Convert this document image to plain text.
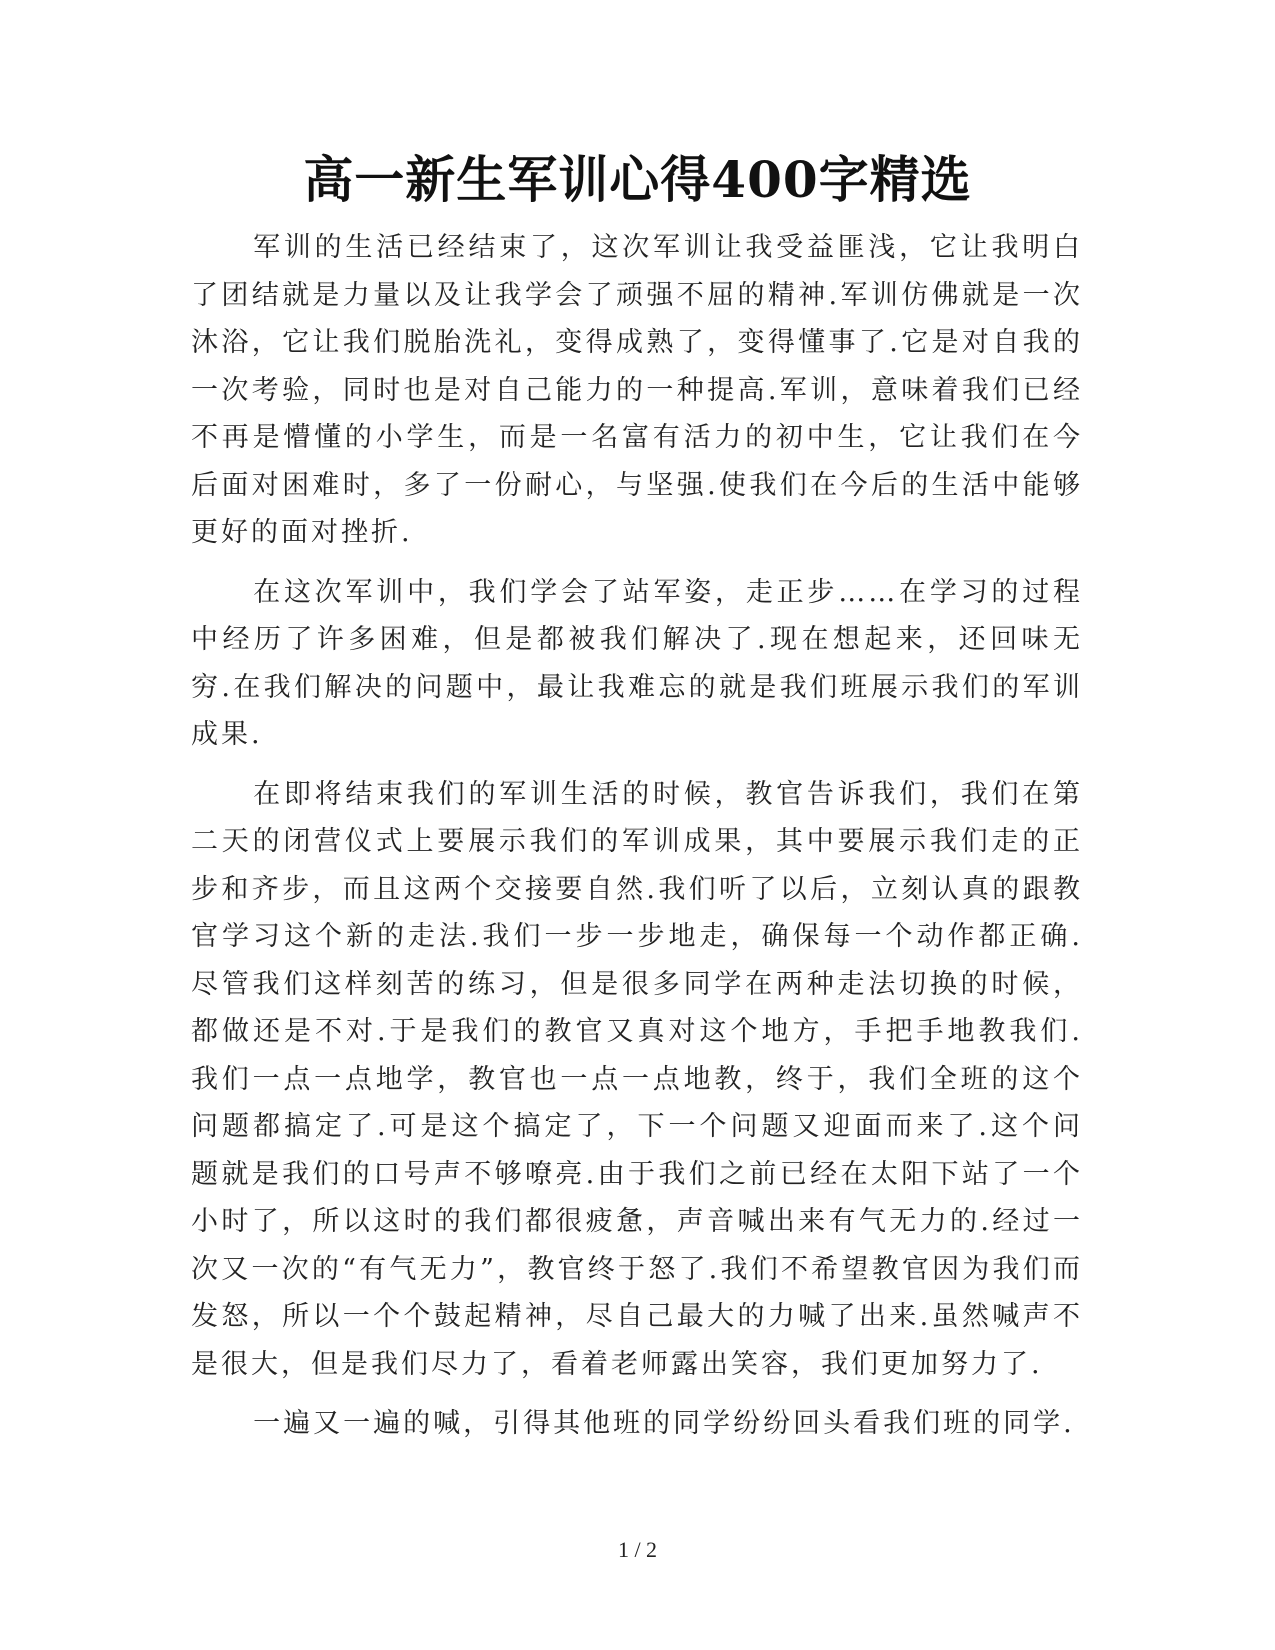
高一新生军训心得400字精选

军训的生活已经结束了，这次军训让我受益匪浅，它让我明白了团结就是力量以及让我学会了顽强不屈的精神.军训仿佛就是一次沐浴，它让我们脱胎洗礼，变得成熟了，变得懂事了.它是对自我的一次考验，同时也是对自己能力的一种提高.军训，意味着我们已经不再是懵懂的小学生，而是一名富有活力的初中生，它让我们在今后面对困难时，多了一份耐心，与坚强.使我们在今后的生活中能够更好的面对挫折.

在这次军训中，我们学会了站军姿，走正步……在学习的过程中经历了许多困难，但是都被我们解决了.现在想起来，还回味无穷.在我们解决的问题中，最让我难忘的就是我们班展示我们的军训成果.

在即将结束我们的军训生活的时候，教官告诉我们，我们在第二天的闭营仪式上要展示我们的军训成果，其中要展示我们走的正步和齐步，而且这两个交接要自然.我们听了以后，立刻认真的跟教官学习这个新的走法.我们一步一步地走，确保每一个动作都正确.尽管我们这样刻苦的练习，但是很多同学在两种走法切换的时候，都做还是不对.于是我们的教官又真对这个地方，手把手地教我们.我们一点一点地学，教官也一点一点地教，终于，我们全班的这个问题都搞定了.可是这个搞定了，下一个问题又迎面而来了.这个问题就是我们的口号声不够嘹亮.由于我们之前已经在太阳下站了一个小时了，所以这时的我们都很疲惫，声音喊出来有气无力的.经过一次又一次的“有气无力”，教官终于怒了.我们不希望教官因为我们而发怒，所以一个个鼓起精神，尽自己最大的力喊了出来.虽然喊声不是很大，但是我们尽力了，看着老师露出笑容，我们更加努力了.

一遍又一遍的喊，引得其他班的同学纷纷回头看我们班的同学.

1 / 2
